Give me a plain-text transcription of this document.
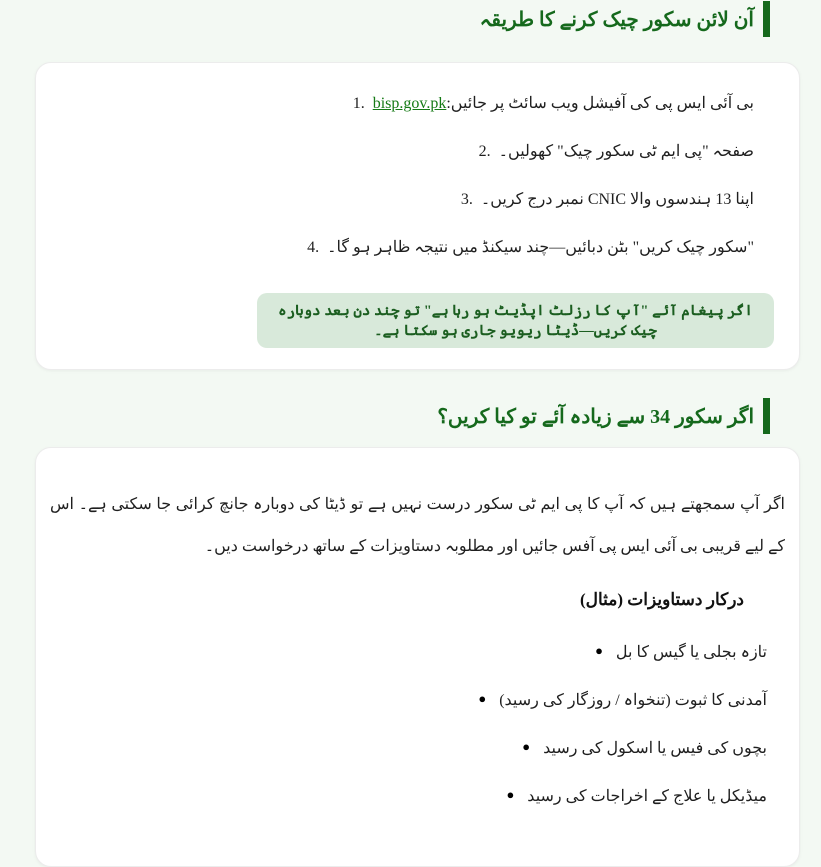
آن لائن سکور چیک کرنے کا طریقہ
1. bisp.gov.pkبی آئی ایس پی کی آفیشل ویب سائٹ پر جائیں:
2. صفحہ "پی ایم ٹی سکور چیک" کھولیں۔
3. اپنا 13 ہندسوں والا CNIC نمبر درج کریں۔
4. "سکور چیک کریں" بٹن دبائیں—چند سیکنڈ میں نتیجہ ظاہر ہو گا۔
اگر پیغام آئے "آپ کا رزلٹ اپڈیٹ ہو رہا ہے" تو چند دن بعد دوبارہ چیک کریں—ڈیٹا ریویو جاری ہو سکتا ہے۔
اگر سکور 34 سے زیادہ آئے تو کیا کریں؟

اگر آپ سمجھتے ہیں کہ آپ کا پی ایم ٹی سکور درست نہیں ہے تو ڈیٹا کی دوبارہ جانچ کرائی جا سکتی ہے۔ اس کے لیے قریبی بی آئی ایس پی آفس جائیں اور مطلوبہ دستاویزات کے ساتھ درخواست دیں۔

درکار دستاویزات (مثال)
● تازہ بجلی یا گیس کا بل
● آمدنی کا ثبوت (تنخواہ / روزگار کی رسید)
● بچوں کی فیس یا اسکول کی رسید
● میڈیکل یا علاج کے اخراجات کی رسید
